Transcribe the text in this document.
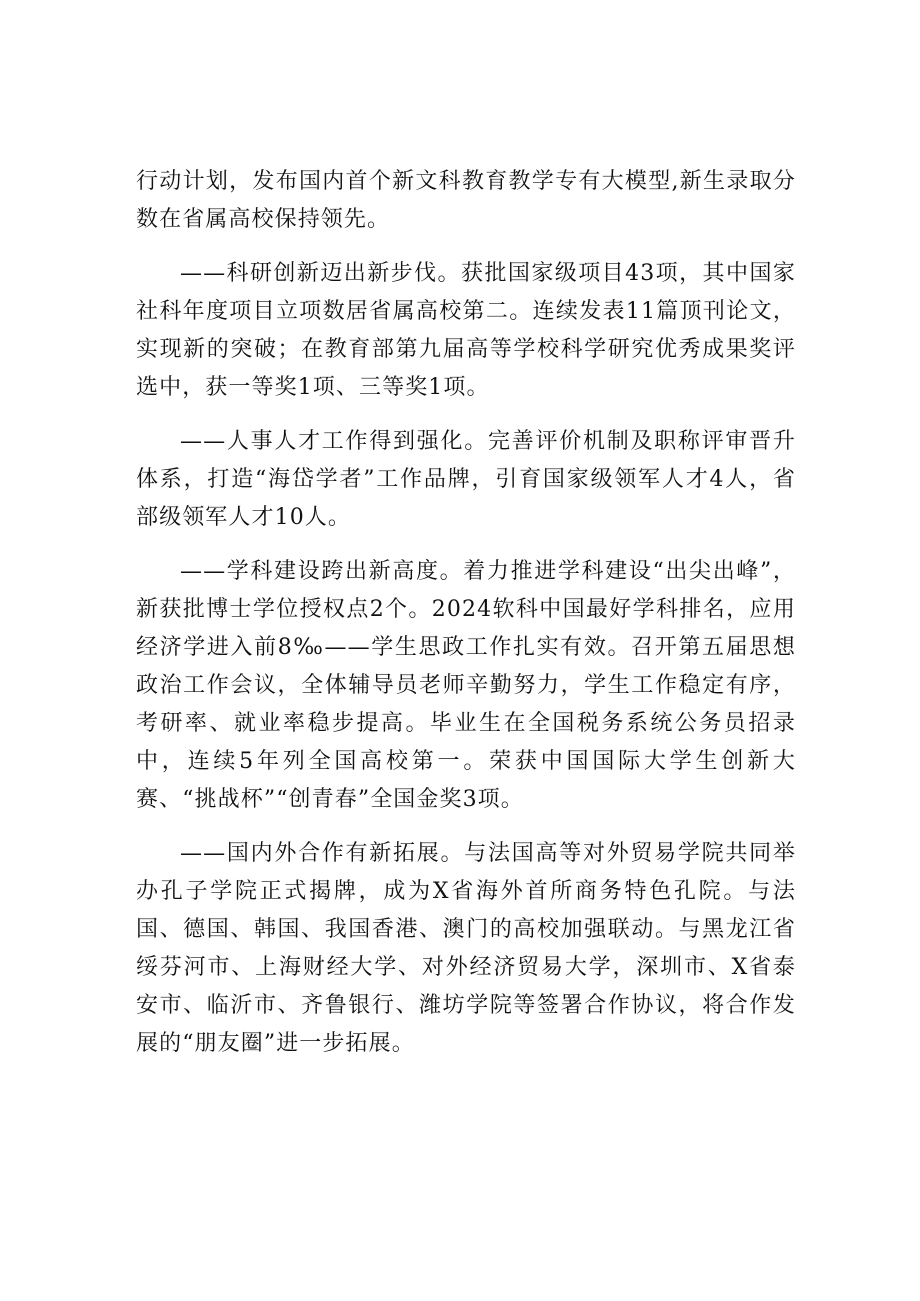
行动计划，发布国内首个新文科教育教学专有大模型,新生录取分数在省属高校保持领先。

——科研创新迈出新步伐。获批国家级项目43项，其中国家社科年度项目立项数居省属高校第二。连续发表11篇顶刊论文，实现新的突破；在教育部第九届高等学校科学研究优秀成果奖评选中，获一等奖1项、三等奖1项。

——人事人才工作得到强化。完善评价机制及职称评审晋升体系，打造“海岱学者”工作品牌，引育国家级领军人才4人，省部级领军人才10人。

——学科建设跨出新高度。着力推进学科建设“出尖出峰”，新获批博士学位授权点2个。2024软科中国最好学科排名，应用经济学进入前8‰——学生思政工作扎实有效。召开第五届思想政治工作会议，全体辅导员老师辛勤努力，学生工作稳定有序，考研率、就业率稳步提高。毕业生在全国税务系统公务员招录中，连续5年列全国高校第一。荣获中国国际大学生创新大赛、“挑战杯”“创青春”全国金奖3项。

——国内外合作有新拓展。与法国高等对外贸易学院共同举办孔子学院正式揭牌，成为X省海外首所商务特色孔院。与法国、德国、韩国、我国香港、澳门的高校加强联动。与黑龙江省绥芬河市、上海财经大学、对外经济贸易大学，深圳市、X省泰安市、临沂市、齐鲁银行、潍坊学院等签署合作协议，将合作发展的“朋友圈”进一步拓展。
